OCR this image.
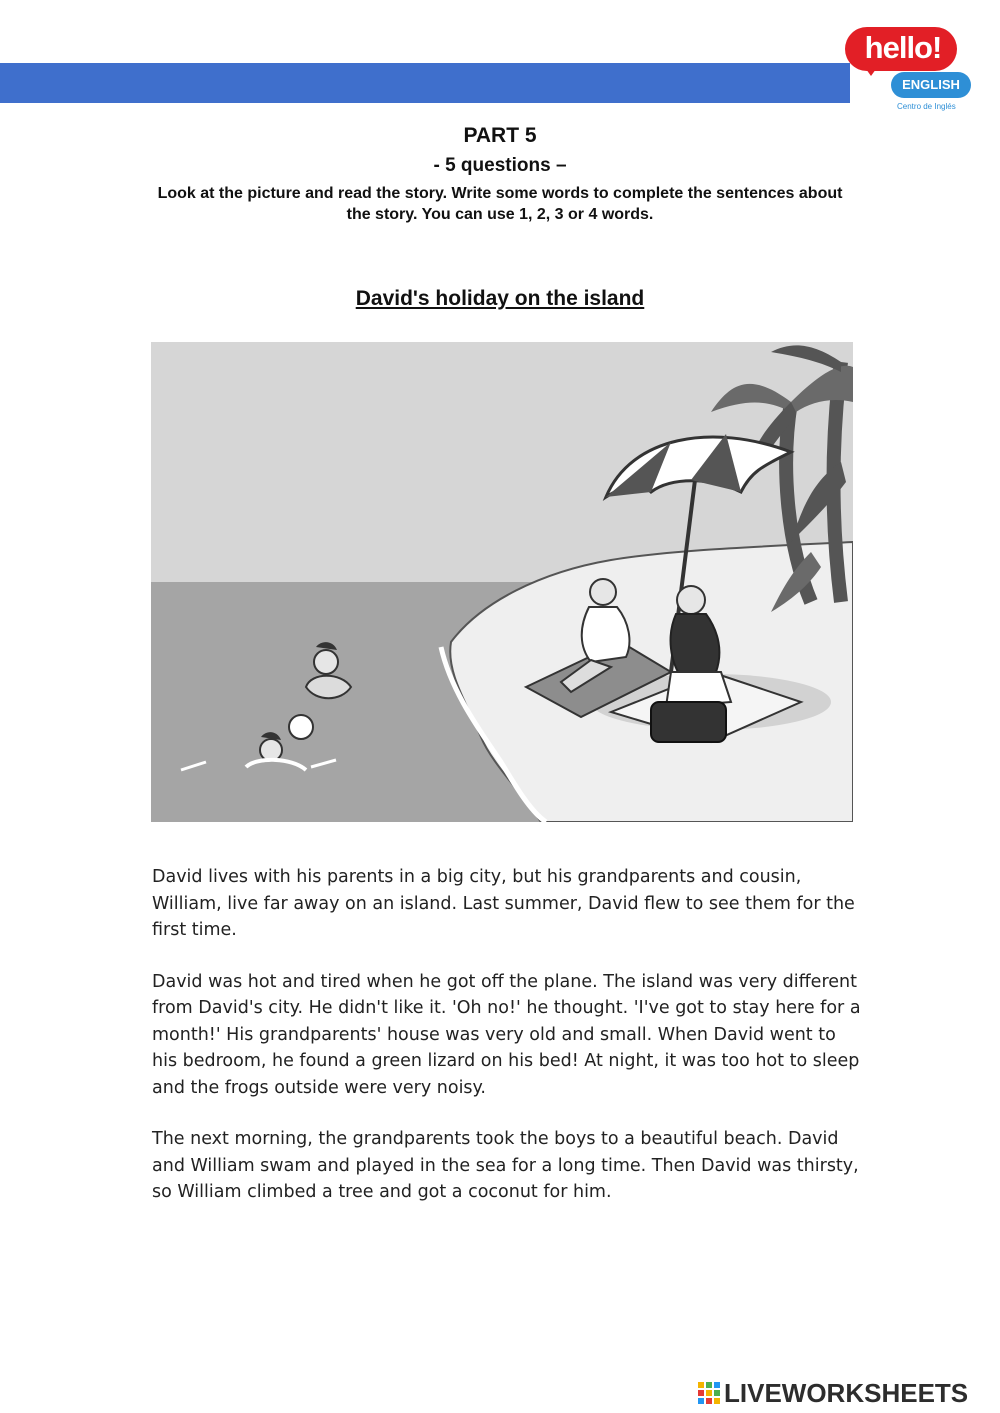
hello!
ENGLISH
Centro de Inglés
PART 5
- 5 questions –
Look at the picture and read the story. Write some words to complete the sentences about the story. You can use 1, 2, 3 or 4 words.
David's holiday on the island

David lives with his parents in a big city, but his grandparents and cousin, William, live far away on an island. Last summer, David flew to see them for the first time.

David was hot and tired when he got off the plane. The island was very different from David's city. He didn't like it. 'Oh no!' he thought. 'I've got to stay here for a month!' His grandparents' house was very old and small. When David went to his bedroom, he found a green lizard on his bed! At night, it was too hot to sleep and the frogs outside were very noisy.

The next morning, the grandparents took the boys to a beautiful beach. David and William swam and played in the sea for a long time. Then David was thirsty, so William climbed a tree and got a coconut for him.

LIVEWORKSHEETS
